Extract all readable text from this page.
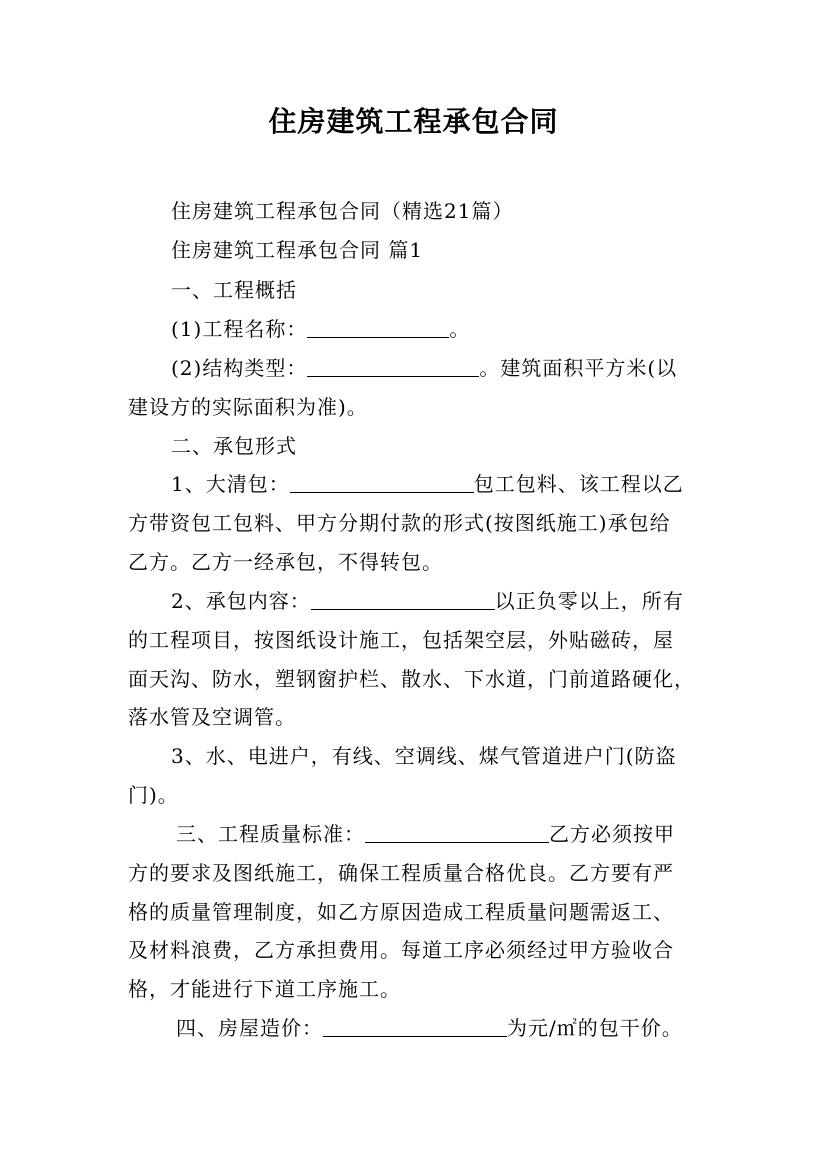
住房建筑工程承包合同
住房建筑工程承包合同（精选21篇）
住房建筑工程承包合同 篇1
一、工程概括
(1)工程名称：	。
(2)结构类型：	。建筑面积平方米(以
建设方的实际面积为准)。
二、承包形式
1、大清包：	包工包料、该工程以乙
方带资包工包料、甲方分期付款的形式(按图纸施工)承包给
乙方。乙方一经承包，不得转包。
2、承包内容：	以正负零以上，所有
的工程项目，按图纸设计施工，包括架空层，外贴磁砖，屋
面天沟、防水，塑钢窗护栏、散水、下水道，门前道路硬化，
落水管及空调管。
3、水、电进户，有线、空调线、煤气管道进户门(防盗
门)。
三、工程质量标准：	乙方必须按甲
方的要求及图纸施工，确保工程质量合格优良。乙方要有严
格的质量管理制度，如乙方原因造成工程质量问题需返工、
及材料浪费，乙方承担费用。每道工序必须经过甲方验收合
格，才能进行下道工序施工。
四、房屋造价：	为元/㎡的包干价。
